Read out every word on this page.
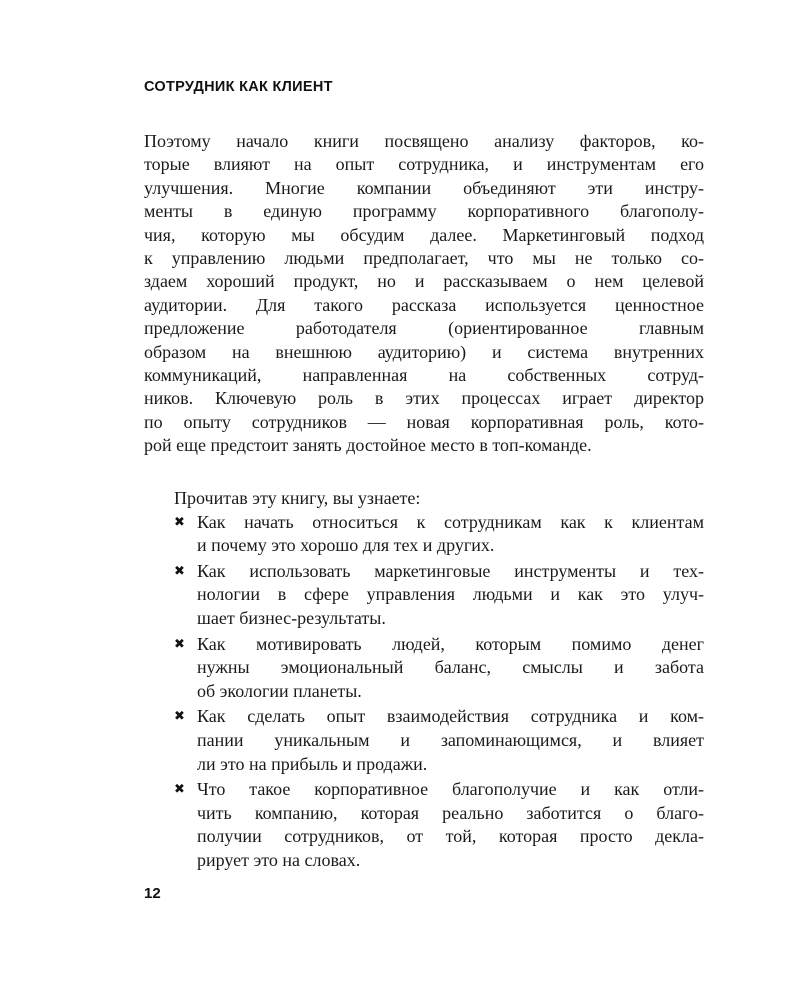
СОТРУДНИК КАК КЛИЕНТ
Поэтому начало книги посвящено анализу факторов, ко-
торые влияют на опыт сотрудника, и инструментам его
улучшения. Многие компании объединяют эти инстру-
менты в единую программу корпоративного благополу-
чия, которую мы обсудим далее. Маркетинговый подход
к управлению людьми предполагает, что мы не только со-
здаем хороший продукт, но и рассказываем о нем целевой
аудитории. Для такого рассказа используется ценностное
предложение работодателя (ориентированное главным
образом на внешнюю аудиторию) и система внутренних
коммуникаций, направленная на собственных сотруд-
ников. Ключевую роль в этих процессах играет директор
по опыту сотрудников — новая корпоративная роль, кото-
рой еще предстоит занять достойное место в топ-команде.
Прочитав эту книгу, вы узнаете:
✖ Как начать относиться к сотрудникам как к клиентам
и почему это хорошо для тех и других.
✖ Как использовать маркетинговые инструменты и тех-
нологии в сфере управления людьми и как это улуч-
шает бизнес-результаты.
✖ Как мотивировать людей, которым помимо денег
нужны эмоциональный баланс, смыслы и забота
об экологии планеты.
✖ Как сделать опыт взаимодействия сотрудника и ком-
пании уникальным и запоминающимся, и влияет
ли это на прибыль и продажи.
✖ Что такое корпоративное благополучие и как отли-
чить компанию, которая реально заботится о благо-
получии сотрудников, от той, которая просто декла-
рирует это на словах.
12
